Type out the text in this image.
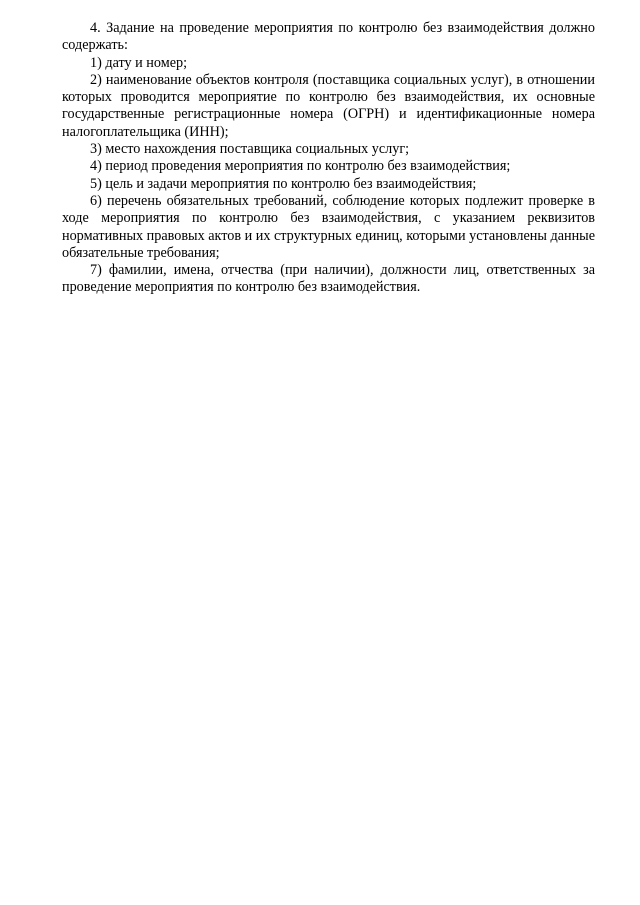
4. Задание на проведение мероприятия по контролю без взаимодействия должно содержать:

1) дату и номер;

2) наименование объектов контроля (поставщика социальных услуг), в отношении которых проводится мероприятие по контролю без взаимодействия, их основные государственные регистрационные номера (ОГРН) и идентификационные номера налогоплательщика (ИНН);

3) место нахождения поставщика социальных услуг;

4) период проведения мероприятия по контролю без взаимодействия;

5) цель и задачи мероприятия по контролю без взаимодействия;

6) перечень обязательных требований, соблюдение которых подлежит проверке в ходе мероприятия по контролю без взаимодействия, с указанием реквизитов нормативных правовых актов и их структурных единиц, которыми установлены данные обязательные требования;

7) фамилии, имена, отчества (при наличии), должности лиц, ответственных за проведение мероприятия по контролю без взаимодействия.
